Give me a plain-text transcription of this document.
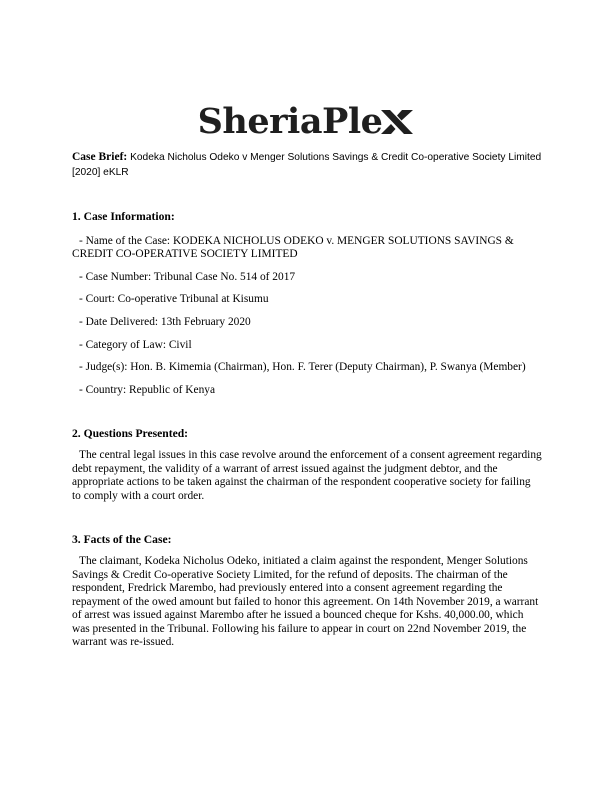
SheriaPle
Case Brief: Kodeka Nicholus Odeko v Menger Solutions Savings & Credit Co-operative Society Limited [2020] eKLR

1. Case Information:

- Name of the Case: KODEKA NICHOLUS ODEKO v. MENGER SOLUTIONS SAVINGS & CREDIT CO-OPERATIVE SOCIETY LIMITED

- Case Number: Tribunal Case No. 514 of 2017

- Court: Co-operative Tribunal at Kisumu

- Date Delivered: 13th February 2020

- Category of Law: Civil

- Judge(s): Hon. B. Kimemia (Chairman), Hon. F. Terer (Deputy Chairman), P. Swanya (Member)

- Country: Republic of Kenya

2. Questions Presented:

The central legal issues in this case revolve around the enforcement of a consent agreement regarding debt repayment, the validity of a warrant of arrest issued against the judgment debtor, and the appropriate actions to be taken against the chairman of the respondent cooperative society for failing to comply with a court order.

3. Facts of the Case:

The claimant, Kodeka Nicholus Odeko, initiated a claim against the respondent, Menger Solutions Savings & Credit Co-operative Society Limited, for the refund of deposits. The chairman of the respondent, Fredrick Marembo, had previously entered into a consent agreement regarding the repayment of the owed amount but failed to honor this agreement. On 14th November 2019, a warrant of arrest was issued against Marembo after he issued a bounced cheque for Kshs. 40,000.00, which was presented in the Tribunal. Following his failure to appear in court on 22nd November 2019, the warrant was re-issued.
